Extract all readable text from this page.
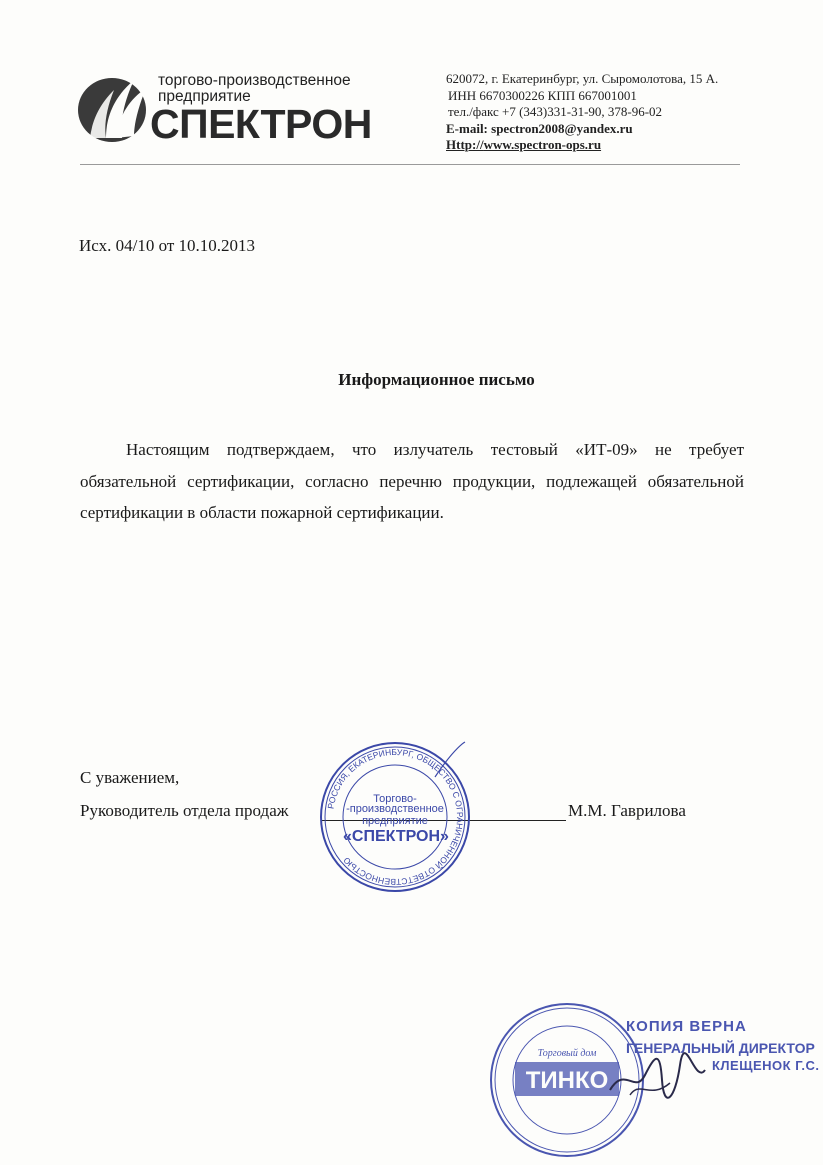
торгово-производственное
предприятие
СПЕКТРОН
620072, г. Екатеринбург, ул. Сыромолотова, 15 А.
ИНН 6670300226 КПП 667001001
тел./факс +7 (343)331-31-90, 378-96-02
E-mail: spectron2008@yandex.ru
Http://www.spectron-ops.ru
Исх. 04/10 от 10.10.2013
Информационное письмо
Настоящим подтверждаем, что излучатель тестовый «ИТ-09» не требует обязательной сертификации, согласно перечню продукции, подлежащей обязательной сертификации в области пожарной сертификации.
С уважением,
Руководитель отдела продаж	М.М. Гаврилова
РОССИЯ, ЕКАТЕРИНБУРГ, ОБЩЕСТВО С ОГРАНИЧЕННОЙ ОТВЕТСТВЕННОСТЬЮ
Торгово-
-производственное предприятие
«СПЕКТРОН»
ТИНКО
Торговый дом
КОПИЯ ВЕРНА
ГЕНЕРАЛЬНЫЙ ДИРЕКТОР
КЛЕЩЕНОК Г.С.
